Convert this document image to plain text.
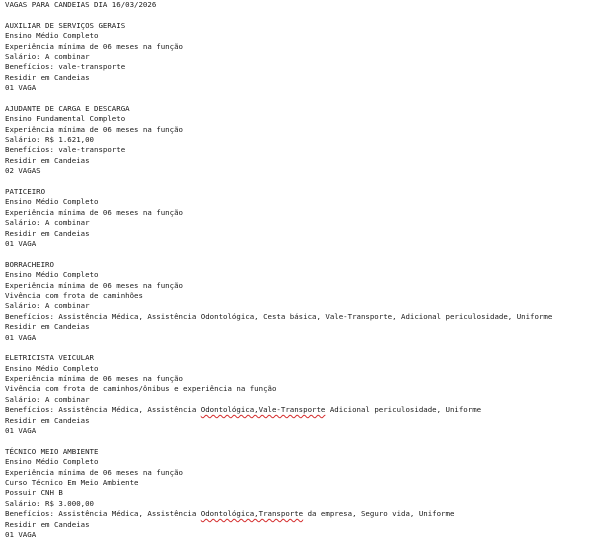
VAGAS PARA CANDEIAS DIA 16/03/2026
AUXILIAR DE SERVIÇOS GERAIS
Ensino Médio Completo
Experiência mínima de 06 meses na função
Salário: A combinar
Benefícios: vale-transporte
Residir em Candeias
01 VAGA
AJUDANTE DE CARGA E DESCARGA
Ensino Fundamental Completo
Experiência mínima de 06 meses na função
Salário: R$ 1.621,00
Benefícios: vale-transporte
Residir em Candeias
02 VAGAS
PATICEIRO
Ensino Médio Completo
Experiência mínima de 06 meses na função
Salário: A combinar
Residir em Candeias
01 VAGA
BORRACHEIRO
Ensino Médio Completo
Experiência mínima de 06 meses na função
Vivência com frota de caminhões
Salário: A combinar
Benefícios: Assistência Médica, Assistência Odontológica, Cesta básica, Vale-Transporte, Adicional periculosidade, Uniforme
Residir em Candeias
01 VAGA
ELETRICISTA VEICULAR
Ensino Médio Completo
Experiência mínima de 06 meses na função
Vivência com frota de caminhos/ônibus e experiência na função
Salário: A combinar
Benefícios: Assistência Médica, Assistência Odontológica,Vale-Transporte Adicional periculosidade, Uniforme
Residir em Candeias
01 VAGA
TÉCNICO MEIO AMBIENTE
Ensino Médio Completo
Experiência mínima de 06 meses na função
Curso Técnico Em Meio Ambiente
Possuir CNH B
Salário: R$ 3.000,00
Benefícios: Assistência Médica, Assistência Odontológica,Transporte da empresa, Seguro vida, Uniforme
Residir em Candeias
01 VAGA
